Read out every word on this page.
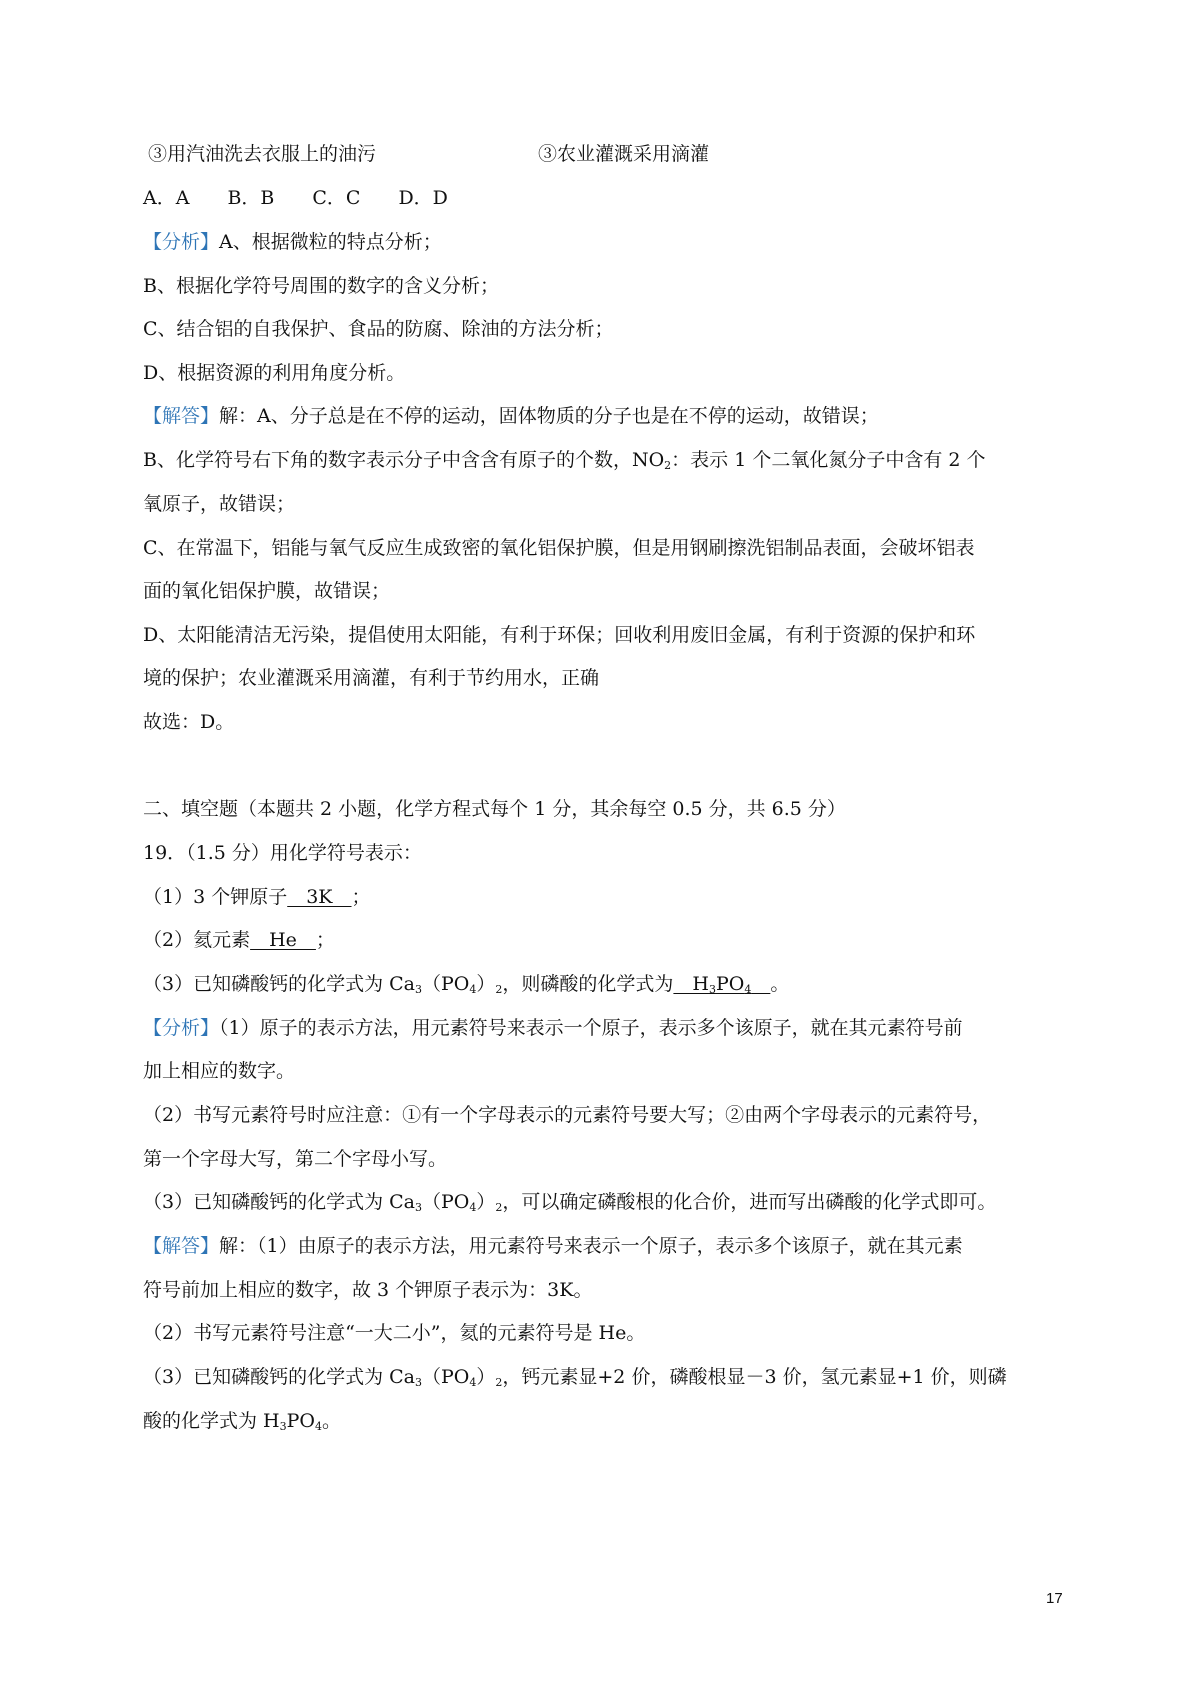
③用汽油洗去衣服上的油污	③农业灌溉采用滴灌
A．A　　B．B　　C．C　　D．D
【分析】A、根据微粒的特点分析；
B、根据化学符号周围的数字的含义分析；
C、结合铝的自我保护、食品的防腐、除油的方法分析；
D、根据资源的利用角度分析。
【解答】解：A、分子总是在不停的运动，固体物质的分子也是在不停的运动，故错误；
B、化学符号右下角的数字表示分子中含含有原子的个数，$NO_2$：表示 1 个二氧化氮分子中含有 2 个
氧原子，故错误；
C、在常温下，铝能与氧气反应生成致密的氧化铝保护膜，但是用钢刷擦洗铝制品表面，会破坏铝表
面的氧化铝保护膜，故错误；
D、太阳能清洁无污染，提倡使用太阳能，有利于环保；回收利用废旧金属，有利于资源的保护和环
境的保护；农业灌溉采用滴灌，有利于节约用水，正确
故选：D。
二、填空题（本题共 2 小题，化学方程式每个 1 分，其余每空 0.5 分，共 6.5 分）
19．（1.5 分）用化学符号表示：
（1）3 个钾原子　3K　；
（2）氦元素　He　；
（3）已知磷酸钙的化学式为 $Ca_3(PO_4)_2$，则磷酸的化学式为　$H_3PO_4$　 。
【分析】（1）原子的表示方法，用元素符号来表示一个原子，表示多个该原子，就在其元素符号前
加上相应的数字。
（2）书写元素符号时应注意：①有一个字母表示的元素符号要大写；②由两个字母表示的元素符号，
第一个字母大写，第二个字母小写。
（3）已知磷酸钙的化学式为 $Ca_3(PO_4)_2$，可以确定磷酸根的化合价，进而写出磷酸的化学式即可。
【解答】解：（1）由原子的表示方法，用元素符号来表示一个原子，表示多个该原子，就在其元素
符号前加上相应的数字，故 3 个钾原子表示为：3K。
（2）书写元素符号注意“一大二小”，氦的元素符号是 He。
（3）已知磷酸钙的化学式为 $Ca_3(PO_4)_2$，钙元素显+2 价，磷酸根显－3 价，氢元素显+1 价，则磷
酸的化学式为 $H_3PO_4$。
17
